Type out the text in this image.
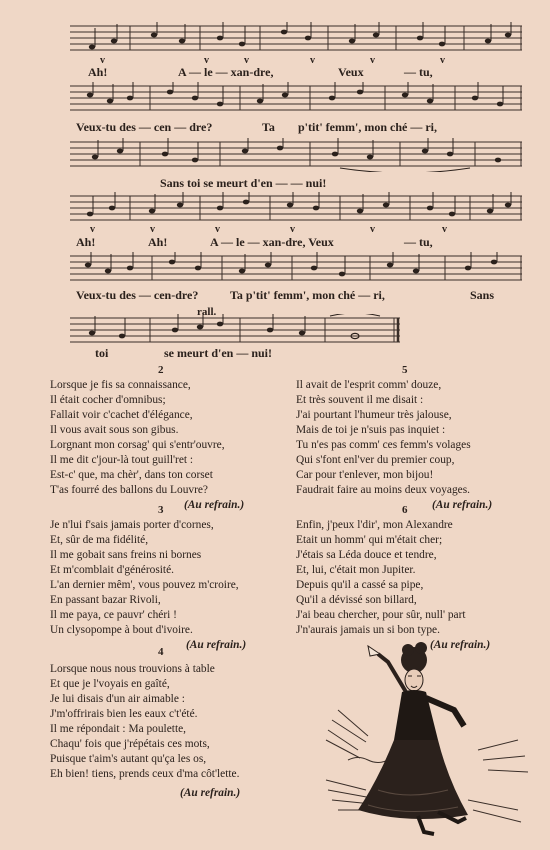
v	v	v	v	v	v
Ah!	A — le — xan-dre,	Veux	— tu,
Veux-tu des — cen — dre?	Ta p'tit' femm', mon ché — ri,
Sans toi se meurt d'en — — nui!
v	v	v	v	v	v
Ah!	Ah!	A — le — xan-dre, Veux	— tu,
Veux-tu des — cen-dre?	Ta p'tit' femm', mon ché — ri,	Sans
rall.
toi	se meurt d'en — nui!
2
Lorsque je fis sa connaissance,
Il était cocher d'omnibus;
Fallait voir c'cachet d'élégance,
Il vous avait sous son gibus.
Lorgnant mon corsag' qui s'entr'ouvre,
Il me dit c'jour-là tout guill'ret :
Est-c' que, ma chèr', dans ton corset
T'as fourré des ballons du Louvre?
(Au refrain.)
5
Il avait de l'esprit comm' douze,
Et très souvent il me disait :
J'ai pourtant l'humeur très jalouse,
Mais de toi je n'suis pas inquiet :
Tu n'es pas comm' ces femm's volages
Qui s'font enl'ver du premier coup,
Car pour t'enlever, mon bijou!
Faudrait faire au moins deux voyages.
(Au refrain.)
3
Je n'lui f'sais jamais porter d'cornes,
Et, sûr de ma fidélité,
Il me gobait sans freins ni bornes
Et m'comblait d'générosité.
L'an dernier mêm', vous pouvez m'croire,
En passant bazar Rivoli,
Il me paya, ce pauvr' chéri !
Un clysopompe à bout d'ivoire.
(Au refrain.)
6
Enfin, j'peux l'dir', mon Alexandre
Etait un homm' qui m'était cher;
J'étais sa Léda douce et tendre,
Et, lui, c'était mon Jupiter.
Depuis qu'il a cassé sa pipe,
Qu'il a dévissé son billard,
J'ai beau chercher, pour sûr, null' part
J'n'aurais jamais un si bon type.
(Au refrain.)
4
Lorsque nous nous trouvions à table
Et que je l'voyais en gaîté,
Je lui disais d'un air aimable :
J'm'offrirais bien les eaux c't'été.
Il me répondait : Ma poulette,
Chaqu' fois que j'répétais ces mots,
Puisque t'aim's autant qu'ça les os,
Eh bien! tiens, prends ceux d'ma côt'lette.
(Au refrain.)
